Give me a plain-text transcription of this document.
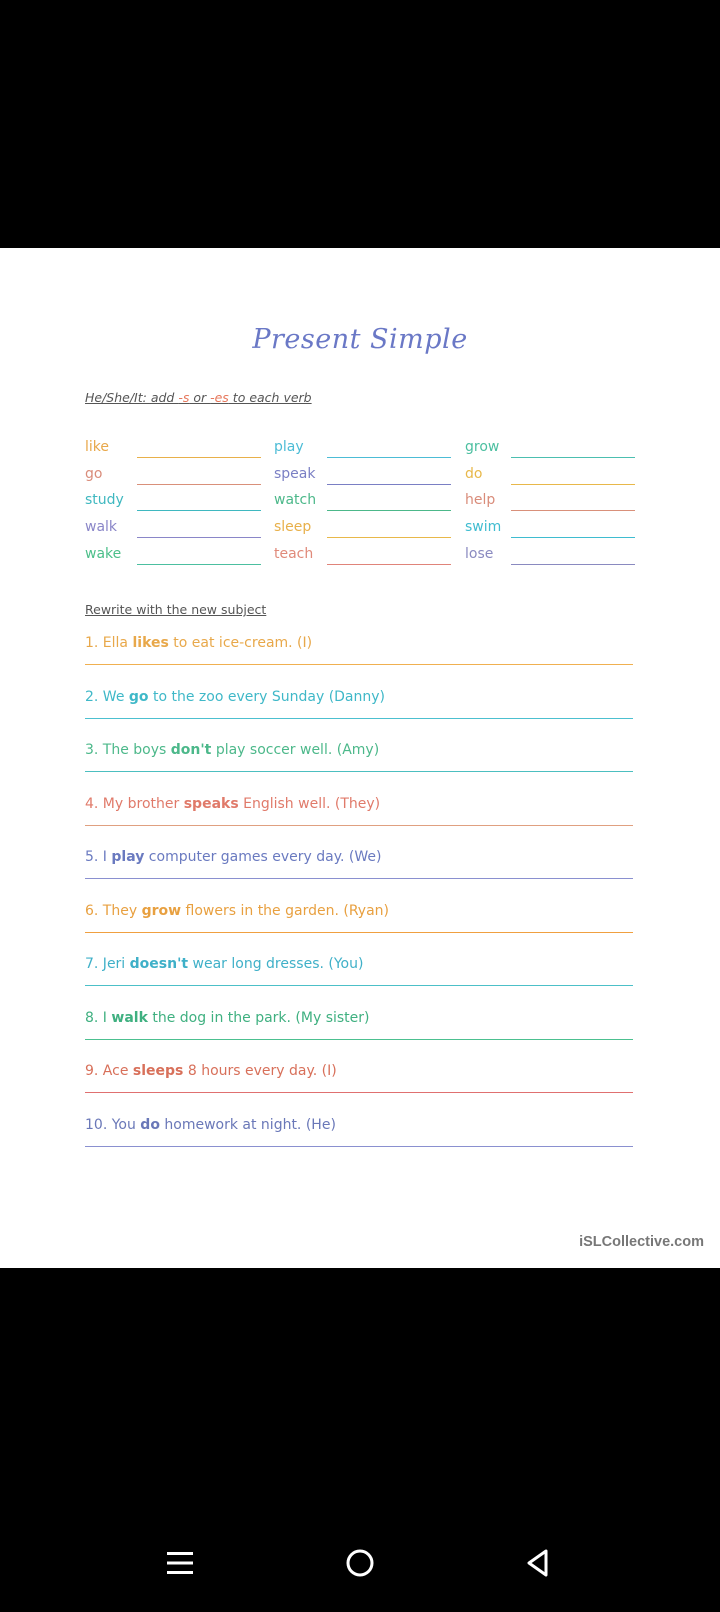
Present Simple
He/She/It: add -s or -es to each verb
like	play	grow
go	speak	do
study	watch	help
walk	sleep	swim
wake	teach	lose
Rewrite with the new subject
1. Ella likes to eat ice-cream. (I)
2. We go to the zoo every Sunday (Danny)
3. The boys don't play soccer well. (Amy)
4. My brother speaks English well. (They)
5. I play computer games every day. (We)
6. They grow flowers in the garden. (Ryan)
7. Jeri doesn't wear long dresses. (You)
8. I walk the dog in the park. (My sister)
9. Ace sleeps 8 hours every day. (I)
10. You do homework at night. (He)
iSLCollective.com
